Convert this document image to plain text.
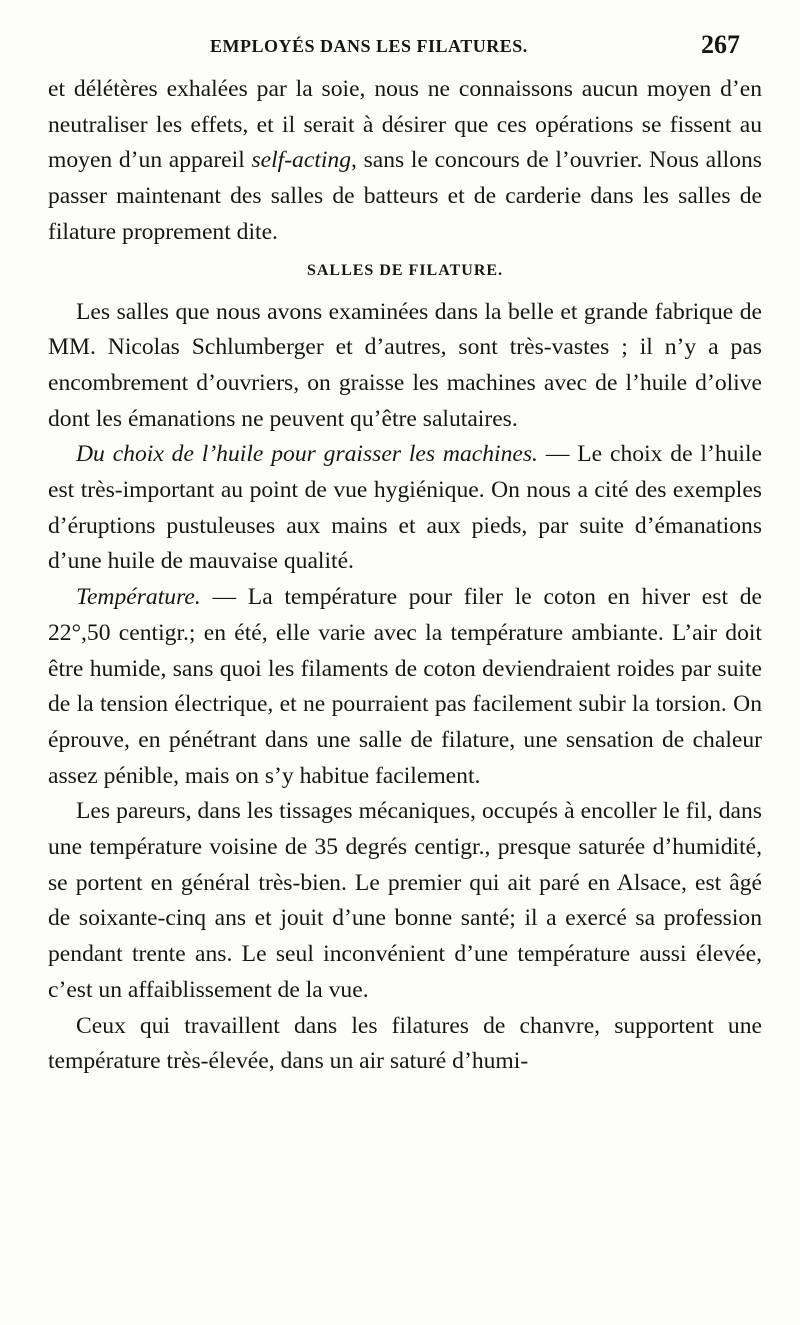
EMPLOYÉS DANS LES FILATURES.	267

et délétères exhalées par la soie, nous ne connaissons aucun moyen d’en neutraliser les effets, et il serait à désirer que ces opérations se fissent au moyen d’un appareil self-acting, sans le concours de l’ouvrier. Nous allons passer maintenant des salles de batteurs et de carderie dans les salles de filature proprement dite.

SALLES DE FILATURE.

Les salles que nous avons examinées dans la belle et grande fabrique de MM. Nicolas Schlumberger et d’autres, sont très-vastes ; il n’y a pas encombrement d’ouvriers, on graisse les machines avec de l’huile d’olive dont les émanations ne peuvent qu’être salutaires.

Du choix de l’huile pour graisser les machines. — Le choix de l’huile est très-important au point de vue hygiénique. On nous a cité des exemples d’éruptions pustuleuses aux mains et aux pieds, par suite d’émanations d’une huile de mauvaise qualité.

Température. — La température pour filer le coton en hiver est de 22°,50 centigr.; en été, elle varie avec la température ambiante. L’air doit être humide, sans quoi les filaments de coton deviendraient roides par suite de la tension électrique, et ne pourraient pas facilement subir la torsion. On éprouve, en pénétrant dans une salle de filature, une sensation de chaleur assez pénible, mais on s’y habitue facilement.

Les pareurs, dans les tissages mécaniques, occupés à encoller le fil, dans une température voisine de 35 degrés centigr., presque saturée d’humidité, se portent en général très-bien. Le premier qui ait paré en Alsace, est âgé de soixante-cinq ans et jouit d’une bonne santé; il a exercé sa profession pendant trente ans. Le seul inconvénient d’une température aussi élevée, c’est un affaiblissement de la vue.

Ceux qui travaillent dans les filatures de chanvre, supportent une température très-élevée, dans un air saturé d’humi-
